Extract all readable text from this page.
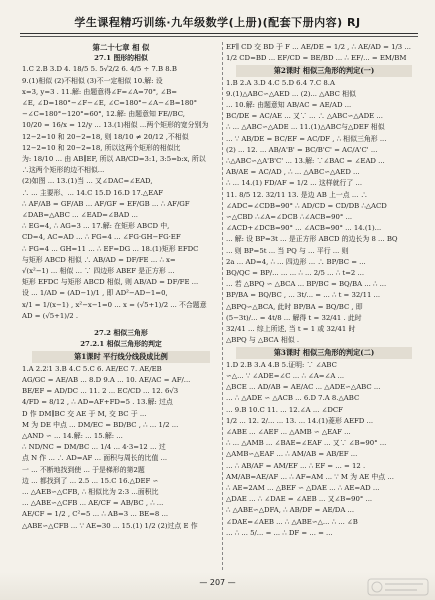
学生课程精巧训练·九年级数学(上册)(配套下册内容) RJ
第二十七章 相 似
27.1 图形的相似
1.C 2.B 3.D 4. 18/5 5. 5√2/2 6. 4/5 ÷ 7.B 8.B
9.(1)相似 (2)不相似 (3)不一定相似 10.解: 设
x=3, y=3 . 11.解: 由题意得∠F=∠A=70°, ∠B=
∠E, ∠D=180°−∠F−∠E, ∠C=180°−∠A−∠B=180°
−∠C=180°−120°=60°, 12.解: 由题意知 FE//BC,
10/20 = 16/x = 12/y ... 13.(1)相似 ...两个矩形的宽分别为
12−2=10 和 20−2=18, 则 18/10 ≠ 20/12 ,不相似
12−2=10 和 20−2=18, 所以这两个矩形的相似比
为: 18/10 ... 由 AB∥EF, 所以 AB/CD=3:1, 3:5=b:x, 所以
∴这两个矩形的边不相似...
(2)如图 ... 13.(1)当 ... 又∠DAC=∠EAD,
∴ ... 主要形、... 14.C 15.D 16.D 17.△EAF
∴ AF/AB = GF/AB ... AF/GF = EF/GB ... ∴ AF/GF
∠DAB=△ABC ... ∠EAD=∠BAD ...
∴ EG=4, ∴ AG=3 ... 17.解: 在矩形 ABCD 中,
CD=4, AC=AD ... ∴ FG=4 ... ∠FG·GH−FG·EF
∴ FG=4 ... GH=11 ... ∴ EF=DG ... 18.(1)矩形 EFDC
与矩形 ABCD 相似 ∴ AB/AD = DF/FE ... ∴ x=
√(x²−1) ... 相似 ... ∵ 四边形 ABEF 是正方形 ...
矩形 EFDC 与矩形 ABCD 相似, 则 AB/AD = DF/FE ...
设 ... 1/AD = (AD−1)/1 , 即 AD²−AD−1=0,
x/1 = 1/(x−1) , x²−x−1=0 ... x = (√5+1)/2 ... 不合题意
AD = (√5+1)/2 .
27.2 相似三角形
27.2.1 相似三角形的判定
第1课时 平行线分线段成比例
1.A 2.2∶1 3.B 4.C 5.C 6. AE/EC 7. AE/EB
AG/GC = AE/AB ... 8.D 9.A ... 10. AE/AC = AF/...
BE/EF = AD/DC ... 11. 2 ... EC/CD ... 12. 6√3
4/FD = 8/12 , ∴ AD=AF+FD=5 . 13.解: 过点
D 作 DM∥BC 交 AE 于 M, 交 BC 于 ...
M 为 DE 中点 ... DM/EC = BD/BC , ∴ ... 1/2 ...
△AND ∽ ... 14.解: ... 15.解: ...
∴ ND/NC = DM/BC ... 1/4 ... 4·3=12 ... 过
点 N 作 ... ∴ AD=AF ... 面积与周长的比值 ...
一 ... 不断地找到使 ... 于是梯形的第2题
边 ... 都找到了 ... 2.5 ... 15.C 16.△DEF ∽
... △AEB∽△CFB, ∴ 相似比为 2:3 ...面积比
... △ABE∽△CFB ... AE/CF = AB/BC , ∴ ...
AE/CF = 1/2 , C²=5 ... ∴ AB=3 ... BE=8 ...
△ABE∽△CFB ... ∵ AE=30 ... 15.(1) 1/2 (2)过点 E 作
EF∥ CD 交 BD 于 F ... AE/DE = 1/2 , ∴ AE/AD = 1/3 ...
1/2 CD=BD ... EF/CD = BE/BD ... ∴ EF/... = EM/BM
第2课时 相似三角形的判定(一)
1.B 2.A 3.D 4.C 5.D 6.4 7.C 8.A
9.(1)△ABC∽△AED ... (2)... △ABC 相似
... 10.解: 由题意知 AB/AC = AE/AD ...
BC/DE = AC/AE ... 又∵ ... ∴ △ABC∽△ADE ...
∴ ... △ABC∽△ADE ... 11.(1)△ABC与△DEF 相似
... ∵ AB/DE = BC/EF = AC/DF , ∴ 相似三角形 ...
(2) ... 12. ... AB/A'B' = BC/B'C' = AC/A'C' ...
∴△ABC∽△A'B'C' ... 13.解: ∵∠BAC = ∠EAD ...
AB/AE = AC/AD , ∴ ... △ABC∽△AED ...
∴ ... 14.(1) FD/AF = 1/2 ... 这样就行了 ...
11. 8/5 12. 32/11 13. 是边 AB 上一点 ... ∴
∠ADC=∠CDB=90° ∴ AD/CD = CD/DB ∴△ACD
∽△CBD ∴∠A=∠DCB ∴∠ACB=90° ...
∠ACD+∠DCB=90° ... ∠ACB=90° ... 14.(1)...
... 解: 设 BP=3t ... 是正方形 ABCD 的边长为 8 ... BQ
... 则 BP=5t ... 当 PQ 与 ... 平行 ... 则
2a ... AD=4, ∴ ... 四边形 ... ∴ BP/BC = ...
BQ/QC = BP/... ... ... ∴ ... 2/5 ... ∴ t=2 ...
... 若 △BPQ ∽ △BCA ... BP/BC = BQ/BA ... ∴ ...
BP/BA = BQ/BC , ... 3t/... = ... ∴ t = 32/11 ...
△BPQ∽△BCA, 此时 BP/BA = BQ/BC , 即
(5−3t)/... = 4t/8 ... 解得 t = 32/41 . 此时
32/41 ... 综上所述, 当 t = 1 或 32/41 时
△BPQ 与 △BCA 相似 .
第3课时 相似三角形的判定(二)
1.D 2.B 3.A 4.B 5.证明: ∵ ∠ABC
∽△... ∵ ∠ADE=∠C ... ∴ ∠A=∠A ...
△BCE ... AD/AB = AE/AC ... △ADE∽△ABC ...
... ∴ △ADE ∽ △ACB ... 6.D 7.A 8.△ABC
... 9.B 10.C 11. ... 12.∠A ... ∠DCF
1/2 ... 12. 2/... ... 13. ... 14.(1)菱形 AEFD ...
∠ABE ... ∠AEF ... △AMB ∽ △EAF ...
∴ ... △AMB ... ∠BAE=∠EAF ... 又∵ ∠B=90° ...
△AMB∽△EAF ... ∴ AM/AB = AB/EF ...
... ∴ AB/AF = AM/EF ... ∴ EF = ... = 12 .
AM/AB=AE/AF ... ∴ AF=AM ... ∵ M 为 AE 中点 ...
∴ AE=2AM ... △BEF ∽ △DAE ... ∴ AE=AD ...
△DAE ... ∴ ∠DAE = ∠AEB ... 又∠B=90° ...
∴ △ABE∽△DFA, ∴ AB/DF = AE/DA ...
∠DAE=∠AEB ... ∴ △ABE∽△... ∴ ... ∠B
... ∴ ... 5/... = ... ∴ DF = ... = ...
— 207 —
